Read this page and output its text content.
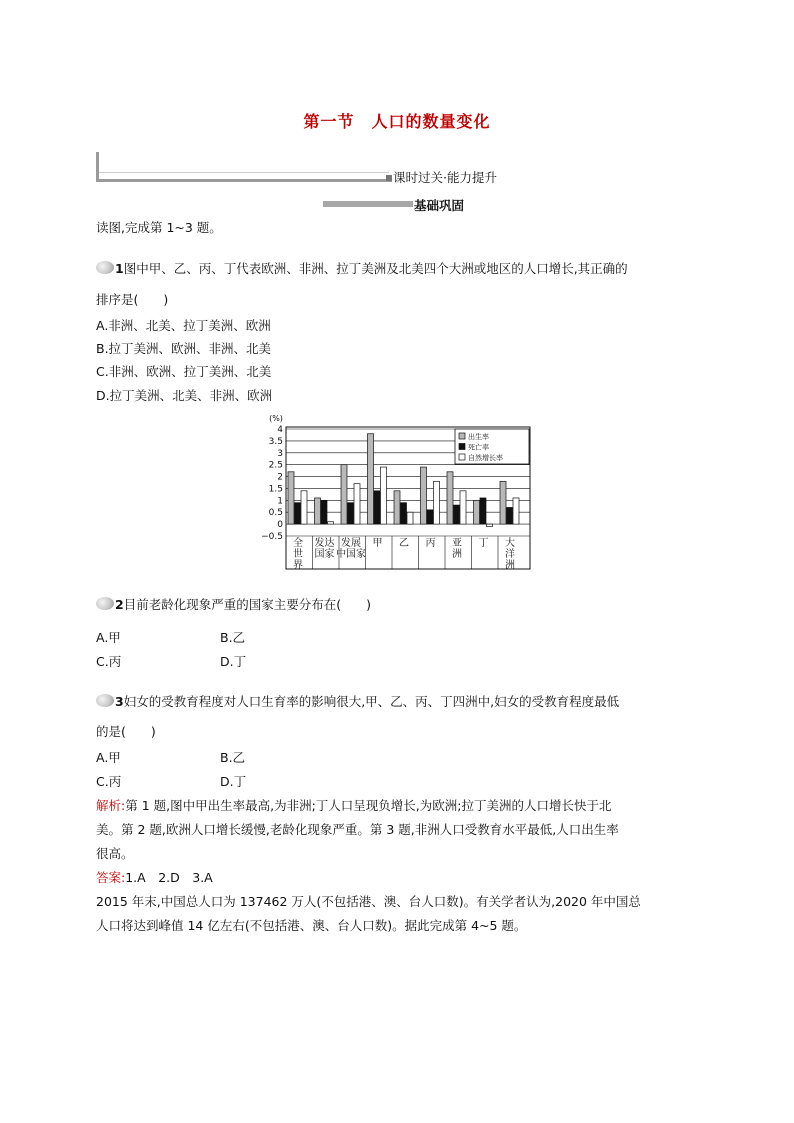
第一节　人口的数量变化
课时过关·能力提升
基础巩固
读图,完成第 1~3 题。
1图中甲、乙、丙、丁代表欧洲、非洲、拉丁美洲及北美四个大洲或地区的人口增长,其正确的
排序是(　　)
A.非洲、北美、拉丁美洲、欧洲
B.拉丁美洲、欧洲、非洲、北美
C.非洲、欧洲、拉丁美洲、北美
D.拉丁美洲、北美、非洲、欧洲
4
3.5
3
2.5
2
1.5
1
0.5
0
−0.5
(%)
全
世
界
发达
国家
发展
中国家
甲 乙 丙 亚
洲
丁 大
洋
洲
出生率
死亡率
自然增长率
2目前老龄化现象严重的国家主要分布在(　　)
A.甲	B.乙
C.丙	D.丁
3妇女的受教育程度对人口生育率的影响很大,甲、乙、丙、丁四洲中,妇女的受教育程度最低
的是(　　)
A.甲	B.乙
C.丙	D.丁
解析:第 1 题,图中甲出生率最高,为非洲;丁人口呈现负增长,为欧洲;拉丁美洲的人口增长快于北
美。第 2 题,欧洲人口增长缓慢,老龄化现象严重。第 3 题,非洲人口受教育水平最低,人口出生率
很高。
答案:1.A　2.D　3.A
2015 年末,中国总人口为 137462 万人(不包括港、澳、台人口数)。有关学者认为,2020 年中国总
人口将达到峰值 14 亿左右(不包括港、澳、台人口数)。据此完成第 4~5 题。
